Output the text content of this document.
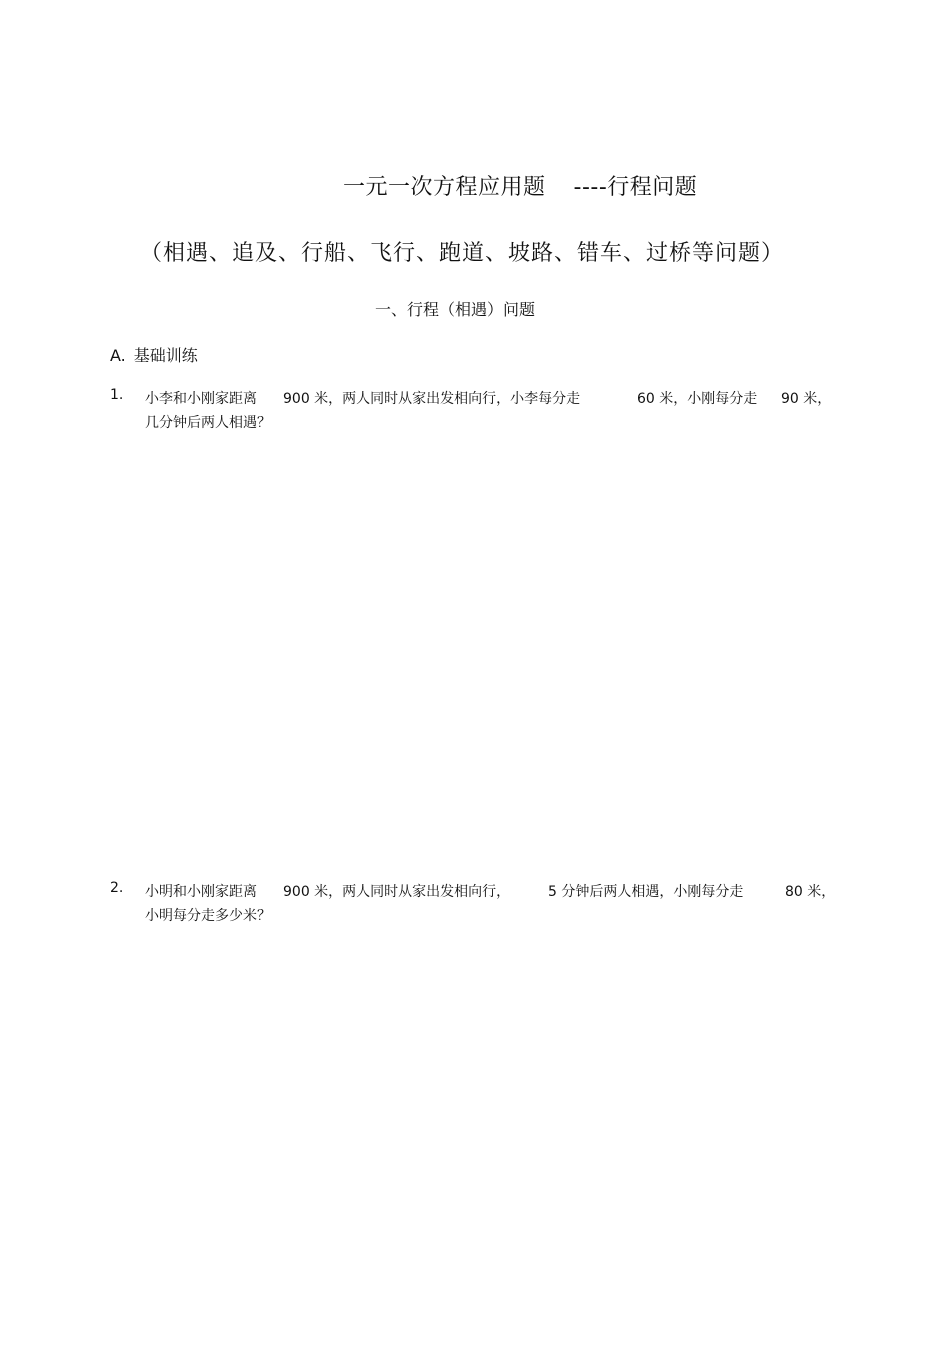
一元一次方程应用题 ----行程问题
（相遇、追及、行船、飞行、跑道、坡路、错车、过桥等问题）
一、行程（相遇）问题
A. 基础训练
1. 小李和小刚家距离 900 米，两人同时从家出发相向行，小李每分走	60 米，小刚每分走 90 米，
几分钟后两人相遇？
2. 小明和小刚家距离 900 米，两人同时从家出发相向行，	5 分钟后两人相遇，小刚每分走	80 米，
小明每分走多少米？
